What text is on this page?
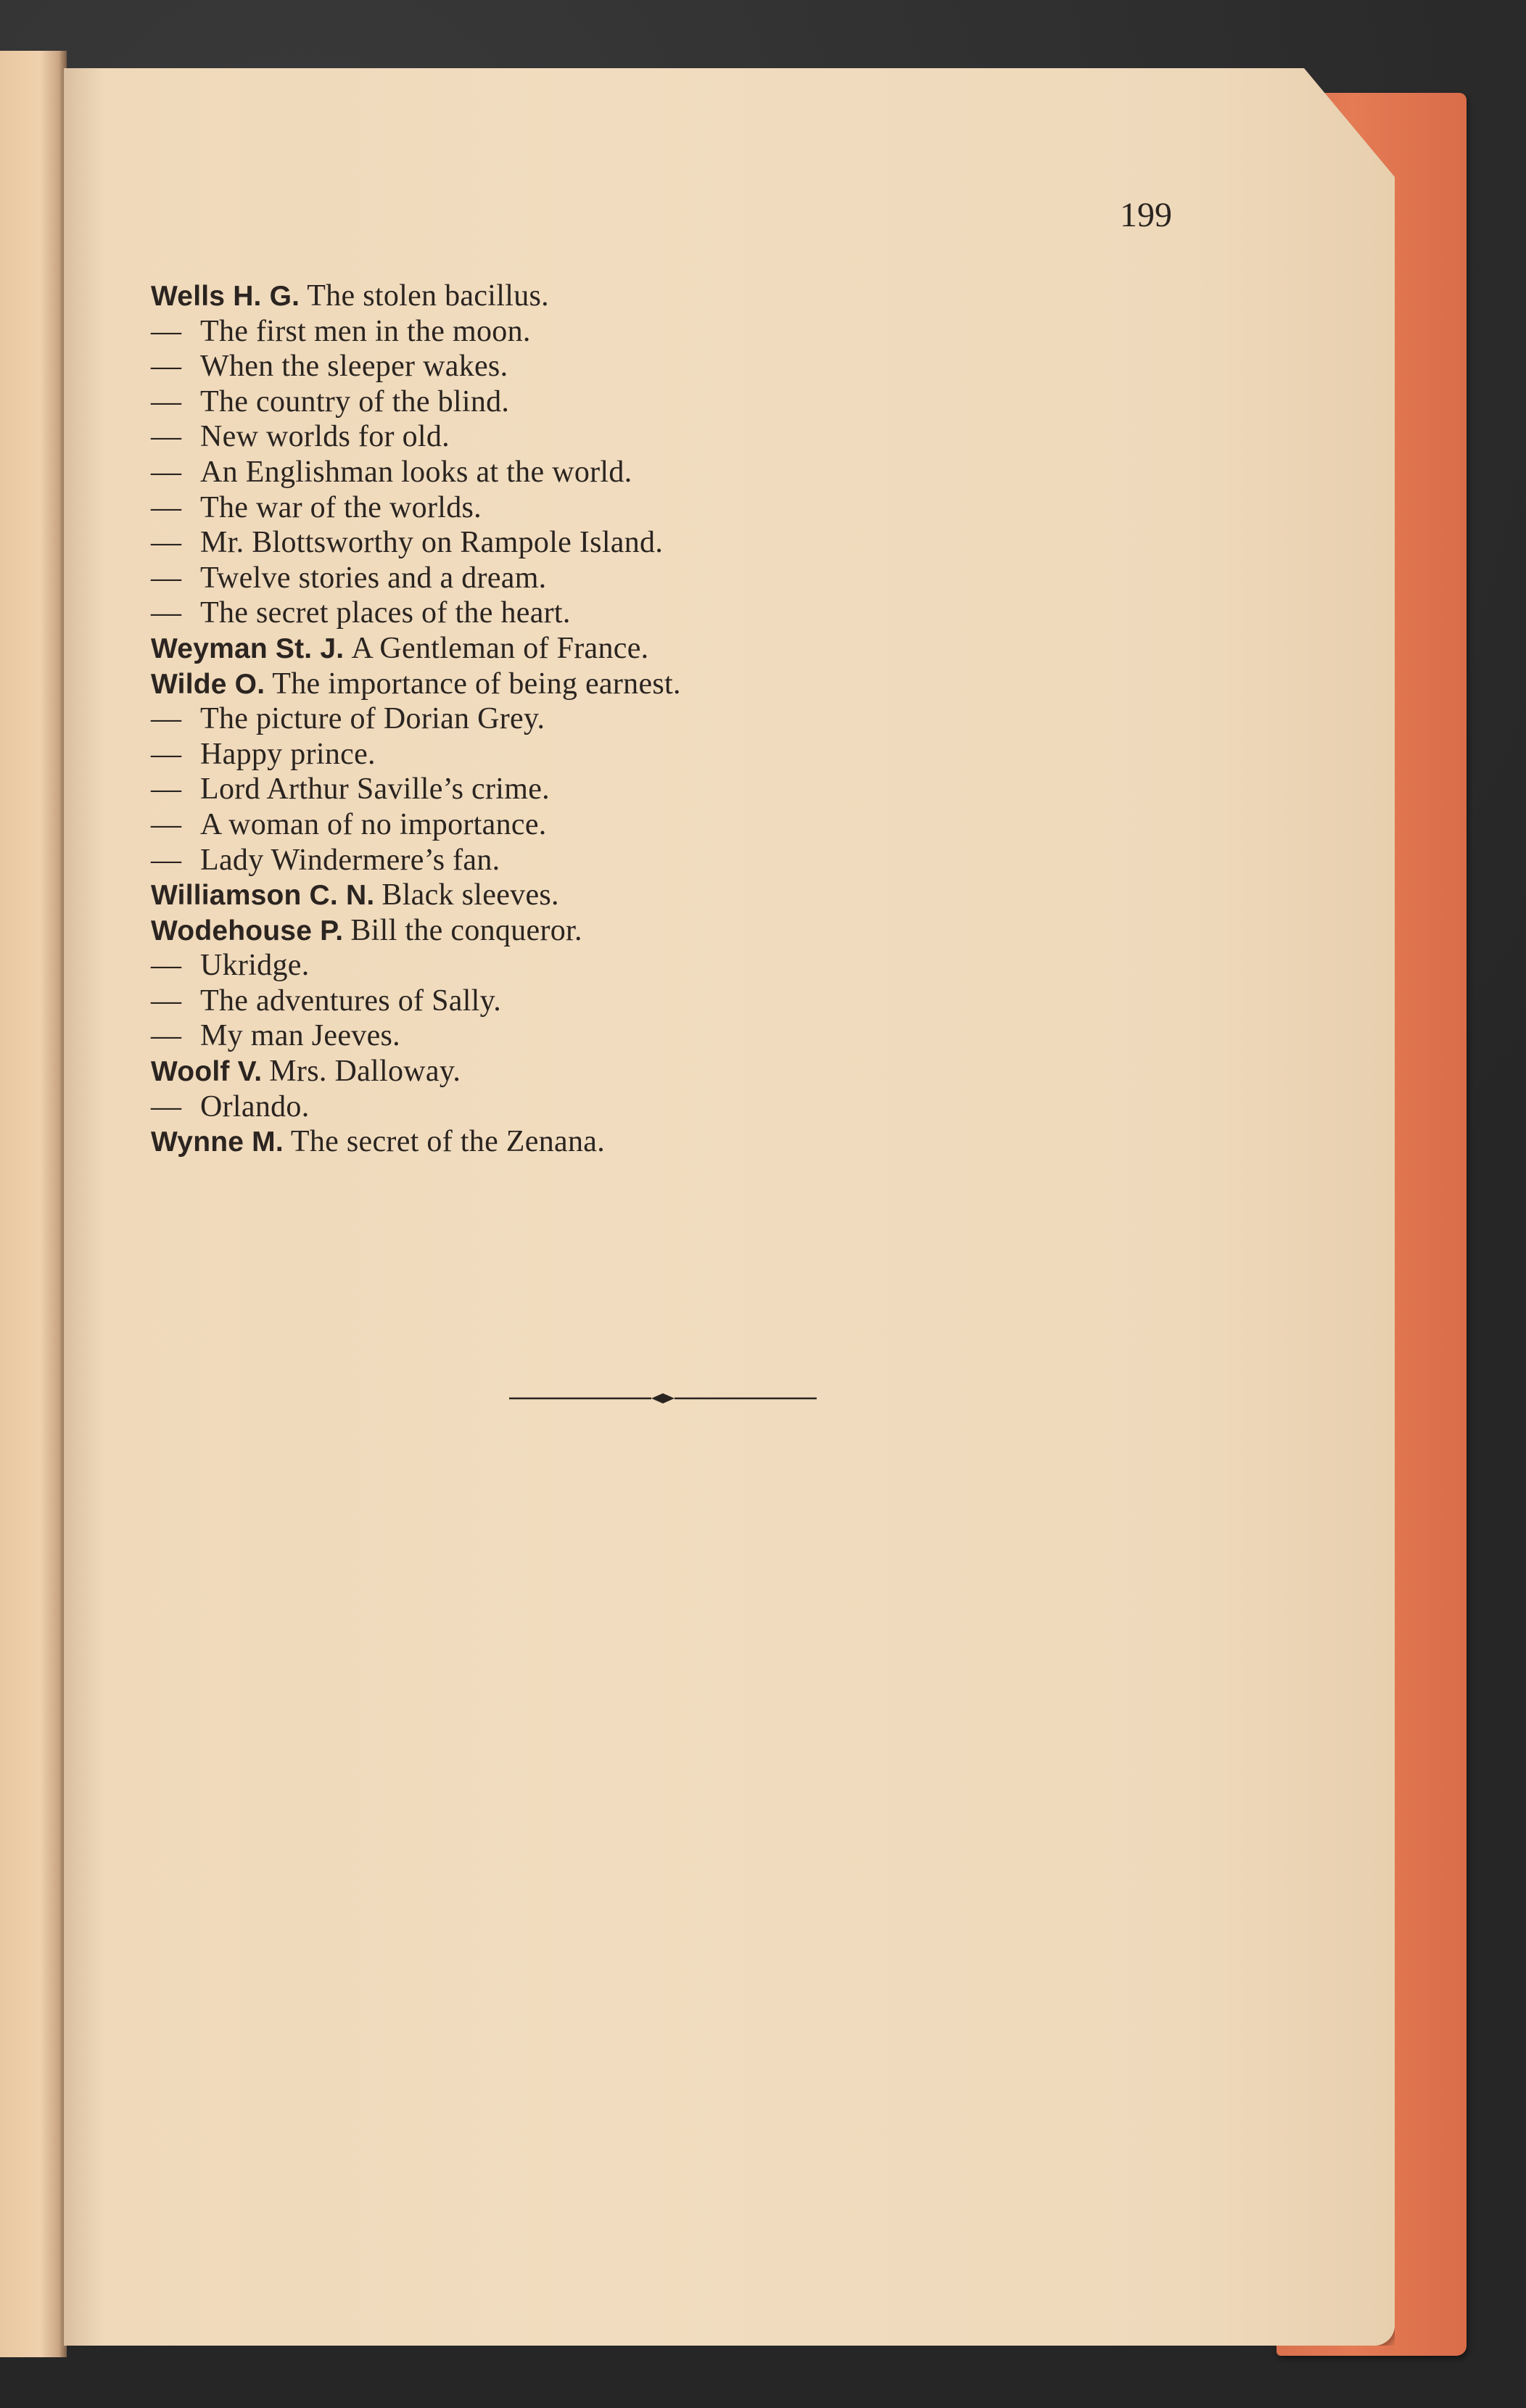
199

Wells H. G. The stolen bacillus.
— The first men in the moon.
— When the sleeper wakes.
— The country of the blind.
— New worlds for old.
— An Englishman looks at the world.
— The war of the worlds.
— Mr. Blottsworthy on Rampole Island.
— Twelve stories and a dream.
— The secret places of the heart.
Weyman St. J. A Gentleman of France.
Wilde O. The importance of being earnest.
— The picture of Dorian Grey.
— Happy prince.
— Lord Arthur Saville’s crime.
— A woman of no importance.
— Lady Windermere’s fan.
Williamson C. N. Black sleeves.
Wodehouse P. Bill the conqueror.
— Ukridge.
— The adventures of Sally.
— My man Jeeves.
Woolf V. Mrs. Dalloway.
— Orlando.
Wynne M. The secret of the Zenana.
